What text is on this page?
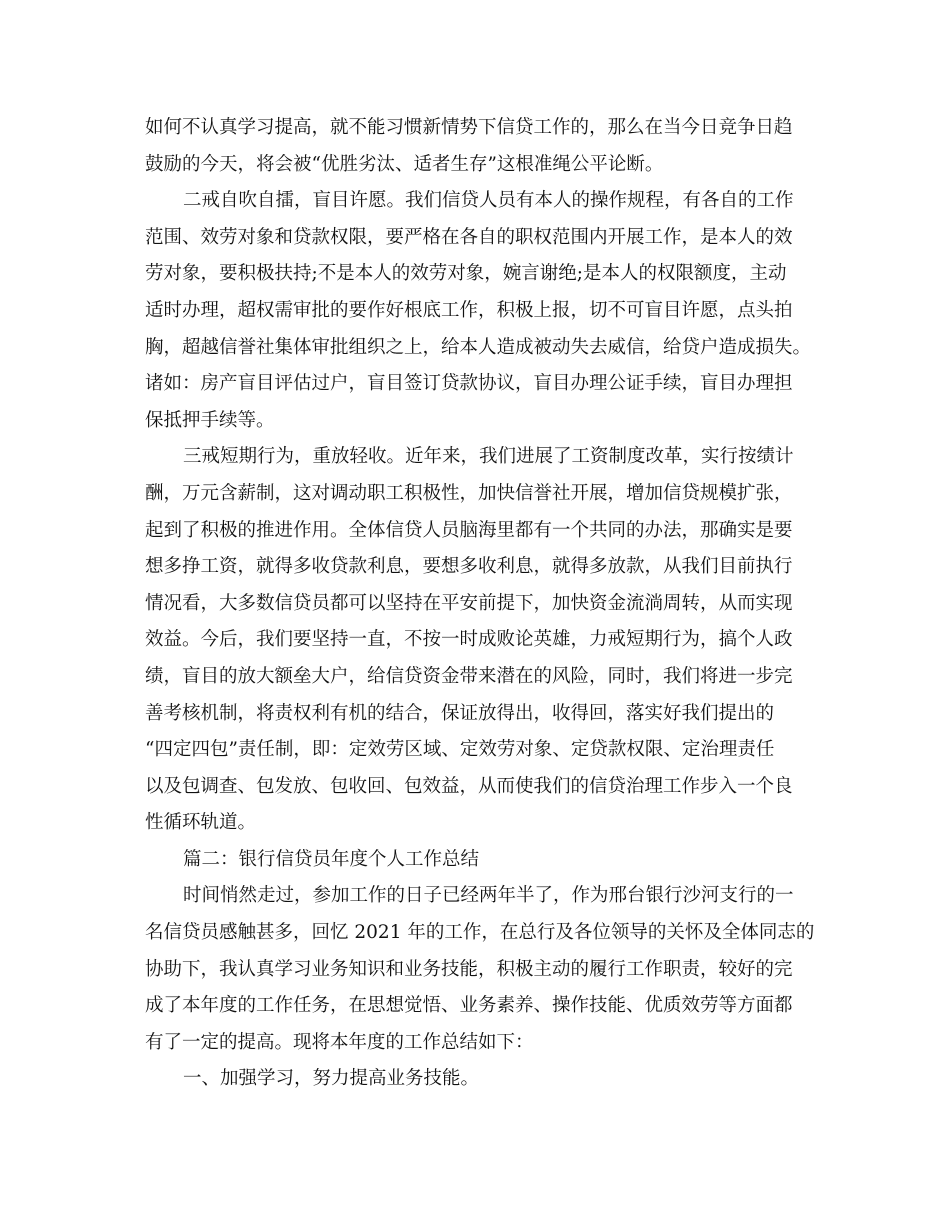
如何不认真学习提高，就不能习惯新情势下信贷工作的，那么在当今日竞争日趋
鼓励的今天，将会被“优胜劣汰、适者生存”这根准绳公平论断。
二戒自吹自擂，盲目许愿。我们信贷人员有本人的操作规程，有各自的工作
范围、效劳对象和贷款权限，要严格在各自的职权范围内开展工作，是本人的效
劳对象，要积极扶持;不是本人的效劳对象，婉言谢绝;是本人的权限额度，主动
适时办理，超权需审批的要作好根底工作，积极上报，切不可盲目许愿，点头拍
胸，超越信誉社集体审批组织之上，给本人造成被动失去威信，给贷户造成损失。
诸如：房产盲目评估过户，盲目签订贷款协议，盲目办理公证手续，盲目办理担
保抵押手续等。
三戒短期行为，重放轻收。近年来，我们进展了工资制度改革，实行按绩计
酬，万元含薪制，这对调动职工积极性，加快信誉社开展，增加信贷规模扩张，
起到了积极的推进作用。全体信贷人员脑海里都有一个共同的办法，那确实是要
想多挣工资，就得多收贷款利息，要想多收利息，就得多放款，从我们目前执行
情况看，大多数信贷员都可以坚持在平安前提下，加快资金流淌周转，从而实现
效益。今后，我们要坚持一直，不按一时成败论英雄，力戒短期行为，搞个人政
绩，盲目的放大额垒大户，给信贷资金带来潜在的风险，同时，我们将进一步完
善考核机制，将责权利有机的结合，保证放得出，收得回，落实好我们提出的
“四定四包”责任制，即：定效劳区域、定效劳对象、定贷款权限、定治理责任
以及包调查、包发放、包收回、包效益，从而使我们的信贷治理工作步入一个良
性循环轨道。
篇二：银行信贷员年度个人工作总结
时间悄然走过，参加工作的日子已经两年半了，作为邢台银行沙河支行的一
名信贷员感触甚多，回忆 2021 年的工作，在总行及各位领导的关怀及全体同志的
协助下，我认真学习业务知识和业务技能，积极主动的履行工作职责，较好的完
成了本年度的工作任务，在思想觉悟、业务素养、操作技能、优质效劳等方面都
有了一定的提高。现将本年度的工作总结如下：
一、加强学习，努力提高业务技能。
